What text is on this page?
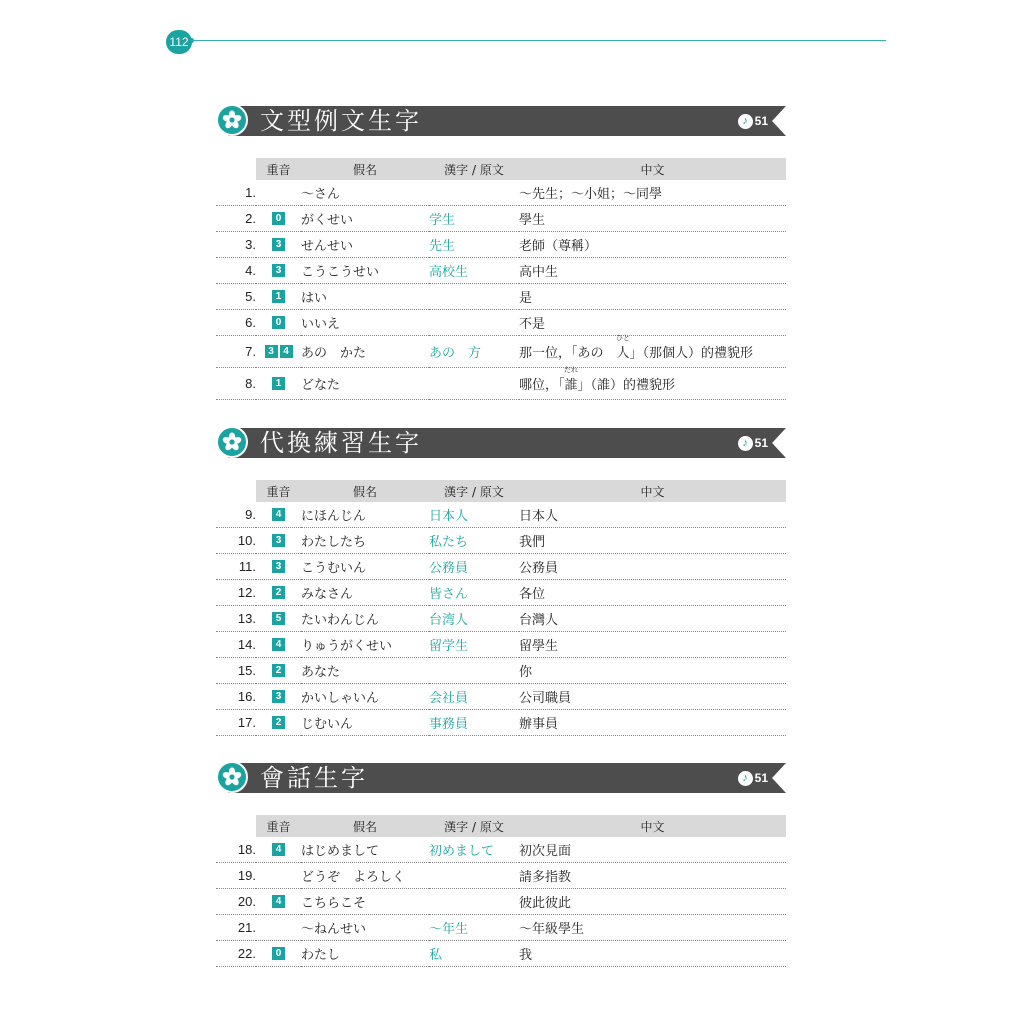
112
文型例文生字	♪ 51
	重音	假名	漢字 / 原文	中文
1.		〜さん		〜先生；〜小姐；〜同學
2.	0	がくせい	学生	學生
3.	3	せんせい	先生	老師（尊稱）
4.	3	こうこうせい	高校生	高中生
5.	1	はい		是
6.	0	いいえ		不是
7.	3 4	あの　かた	あの　方	那一位，「あの　
ひと
人」（那個人）的禮貌形
8.	1	どなた		哪位，「
だれ
誰」（誰）的禮貌形
代換練習生字	♪ 51
	重音	假名	漢字 / 原文	中文
9.	4	にほんじん	日本人	日本人
10.	3	わたしたち	私たち	我們
11.	3	こうむいん	公務員	公務員
12.	2	みなさん	皆さん	各位
13.	5	たいわんじん	台湾人	台灣人
14.	4	りゅうがくせい	留学生	留學生
15.	2	あなた		你
16.	3	かいしゃいん	会社員	公司職員
17.	2	じむいん	事務員	辦事員
會話生字	♪ 51
	重音	假名	漢字 / 原文	中文
18.	4	はじめまして	初めまして	初次見面
19.		どうぞ　よろしく		請多指教
20.	4	こちらこそ		彼此彼此
21.		〜ねんせい	〜年生	〜年級學生
22.	0	わたし	私	我
